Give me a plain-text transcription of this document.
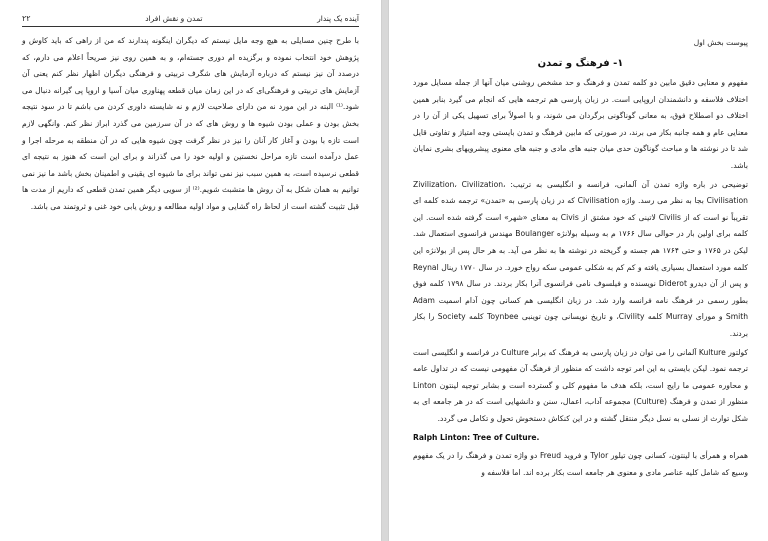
۲۲	تمدن و نقش افراد	آینده یک پندار

با طرح چنین مسایلی به هیچ وجه مایل نیستم که دیگران اینگونه پندارند که من از راهی که باید کاوش و پژوهش خود انتخاب نموده و برگزیده ام دوری جسته‌ام، و به همین روی نیز صریحاً اعلام می دارم، که درصدد آن نیز نیستم که درباره آزمایش های شگرف تربیتی و فرهنگی دیگران اظهار نظر کنم یعنی آن آزمایش های تربیتی و فرهنگی‌ای که در این زمان میان قطعه پهناوری میان آسیا و اروپا پی گیرانه دنبال می شود.⁽¹⁾ البته در این مورد نه من دارای صلاحیت لازم و نه شایسته داوری کردن می باشم تا در سود نتیجه بخش بودن و عملی بودن شیوه ها و روش های که در آن سرزمین می گذرد ابراز نظر کنم. وانگهی لازم است تازه با بودن و آغاز کار آنان را نیز در نظر گرفت چون شیوه هایی که در آن منطقه به مرحله اجرا و عمل درآمده است تازه مراحل نخستین و اولیه خود را می گذراند و برای این است که هنوز به نتیجه ای قطعی نرسیده است، به همین سبب نیز نمی تواند برای ما شیوه ای یقینی و اطمینان بخش باشد ما نیز نمی توانیم به همان شکل به آن روش ها متشبث شویم.⁽²⁾ از سویی دیگر همین تمدن قطعی که داریم از مدت ها قبل تثبیت گشته است از لحاظ راه گشایی و مواد اولیه مطالعه و روش یابی خود غنی و ثروتمند می باشد.

پیوست بخش اول
۱- فرهنگ و تمدن

مفهوم و معنایی دقیق مابین دو کلمه تمدن و فرهنگ و حد مشخص روشنی میان آنها از جمله مسایل مورد اختلاف فلاسفه و دانشمندان اروپایی است. در زبان پارسی هم ترجمه هایی که انجام می گیرد بنابر همین اختلاف دو اصطلاح فوق، به معانی گوناگونی برگردان می شوند، و با اصولاً برای تسهیل یکی از آن را در معنایی عام و همه جانبه بکار می برند، در صورتی که مابین فرهنگ و تمدن بایستی وجه امتیاز و تفاوتی قایل شد تا در نوشته ها و مباحث گوناگون حدی میان جنبه های مادی و جنبه های معنوی پیشرویهای بشری نمایان باشد.

توضیحی در باره واژه تمدن آن آلمانی، فرانسه و انگلیسی به ترتیب: Zivilization، Civilization، Civilisation بجا به نظر می رسد. واژه Civilisation که در زبان پارسی به «تمدن» ترجمه شده کلمه ای تقریباً نو است که از Civilis لاتینی که خود مشتق از Civis به معنای «شهر» است گرفته شده است. این کلمه برای اولین بار در حوالی سال ۱۷۶۶ م به وسیله بولانژه Boulanger مهندس فرانسوی استعمال شد. لیکن در ۱۷۶۵ و حتی ۱۷۶۴ هم جسته و گریخته در نوشته ها به نظر می آید. به هر حال پس از بولانژه این کلمه مورد استعمال بسیاری یافته و کم کم به شکلی عمومی سکه رواج خورد. در سال ۱۷۷۰ رینال Reynal و پس از آن دیدرو Diderot نویسنده و فیلسوف نامی فرانسوی آنرا بکار بردند. در سال ۱۷۹۸ کلمه فوق بطور رسمی در فرهنگ نامه فرانسه وارد شد. در زبان انگلیسی هم کسانی چون آدام اسمیت Adam Smith و مورای Murray کلمه Civility، و تاریخ نویسانی چون توینبی Toynbee کلمه Society را بکار بردند.

کولتور Kulture آلمانی را می توان در زبان پارسی به فرهنگ که برابر Culture در فرانسه و انگلیسی است ترجمه نمود. لیکن بایستی به این امر توجه داشت که منظور از فرهنگ آن مفهومی نیست که در تداول عامه و محاوره عمومی ما رایج است، بلکه هدف ما مفهوم کلی و گسترده است و بشابر توجیه لینتون Linton منظور از تمدن و فرهنگ (Culture) مجموعه آداب، اعمال، سنن و دانشهایی است که در هر جامعه ای به شکل توارث از نسلی به نسل دیگر منتقل گشته و در این کنکاش دستخوش تحول و تکامل می گردد.

Ralph Linton: Tree of Culture.

همراه و همرأی با لینتون، کسانی چون تیلور Tylor و فروید Freud دو واژه تمدن و فرهنگ را در یک مفهوم وسیع که شامل کلیه عناصر مادی و معنوی هر جامعه است بکار برده اند. اما فلاسفه و
